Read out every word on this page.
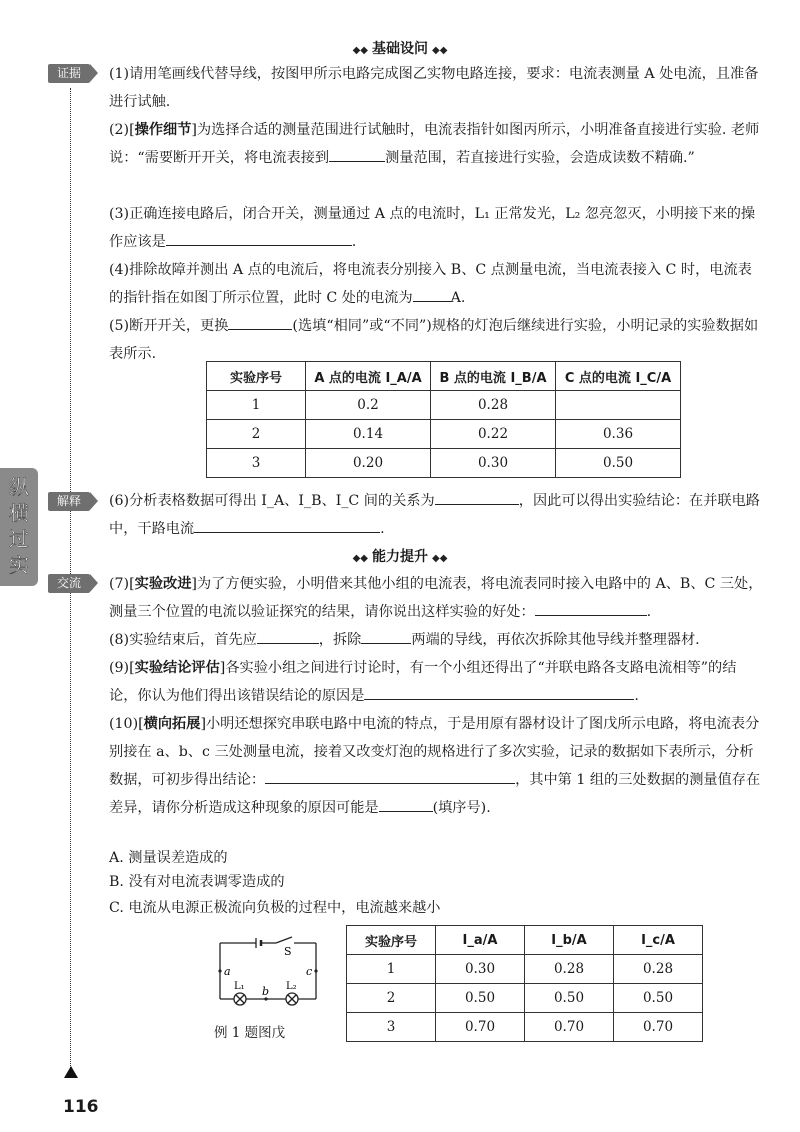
◆◆ 基础设问 ◆◆
证据
解释
交流
纵
横
过
实

(1)请用笔画线代替导线，按图甲所示电路完成图乙实物电路连接，要求：电流表测量 A 处电流，且准备进行试触.

(2)[操作细节]为选择合适的测量范围进行试触时，电流表指针如图丙所示，小明准备直接进行实验. 老师说：“需要断开开关，将电流表接到	测量范围，若直接进行实验，会造成读数不精确.”

(3)正确连接电路后，闭合开关，测量通过 A 点的电流时，L₁ 正常发光，L₂ 忽亮忽灭，小明接下来的操作应该是	.

(4)排除故障并测出 A 点的电流后，将电流表分别接入 B、C 点测量电流，当电流表接入 C 时，电流表的指针指在如图丁所示位置，此时 C 处的电流为	A.

(5)断开开关，更换	(选填“相同”或“不同”)规格的灯泡后继续进行实验，小明记录的实验数据如表所示.

实验序号	A 点的电流 I_A/A	B 点的电流 I_B/A	C 点的电流 I_C/A
1	0.2	0.28	
2	0.14	0.22	0.36
3	0.20	0.30	0.50

(6)分析表格数据可得出 I_A、I_B、I_C 间的关系为	，因此可以得出实验结论：在并联电路中，干路电流	.

◆◆ 能力提升 ◆◆

(7)[实验改进]为了方便实验，小明借来其他小组的电流表，将电流表同时接入电路中的 A、B、C 三处，测量三个位置的电流以验证探究的结果，请你说出这样实验的好处：	.

(8)实验结束后，首先应	，拆除	两端的导线，再依次拆除其他导线并整理器材.

(9)[实验结论评估]各实验小组之间进行讨论时，有一个小组还得出了“并联电路各支路电流相等”的结论，你认为他们得出该错误结论的原因是	.

(10)[横向拓展]小明还想探究串联电路中电流的特点，于是用原有器材设计了图戊所示电路，将电流表分别接在 a、b、c 三处测量电流，接着又改变灯泡的规格进行了多次实验，记录的数据如下表所示，分析数据，可初步得出结论：	，其中第 1 组的三处数据的测量值存在差异，请你分析造成这种现象的原因可能是	(填序号).

A. 测量误差造成的

B. 没有对电流表调零造成的

C. 电流从电源正极流向负极的过程中，电流越来越小

S
a	c
b
L₁	L₂
例 1 题图戊
实验序号	I_a/A	I_b/A	I_c/A
1	0.30	0.28	0.28
2	0.50	0.50	0.50
3	0.70	0.70	0.70
116
